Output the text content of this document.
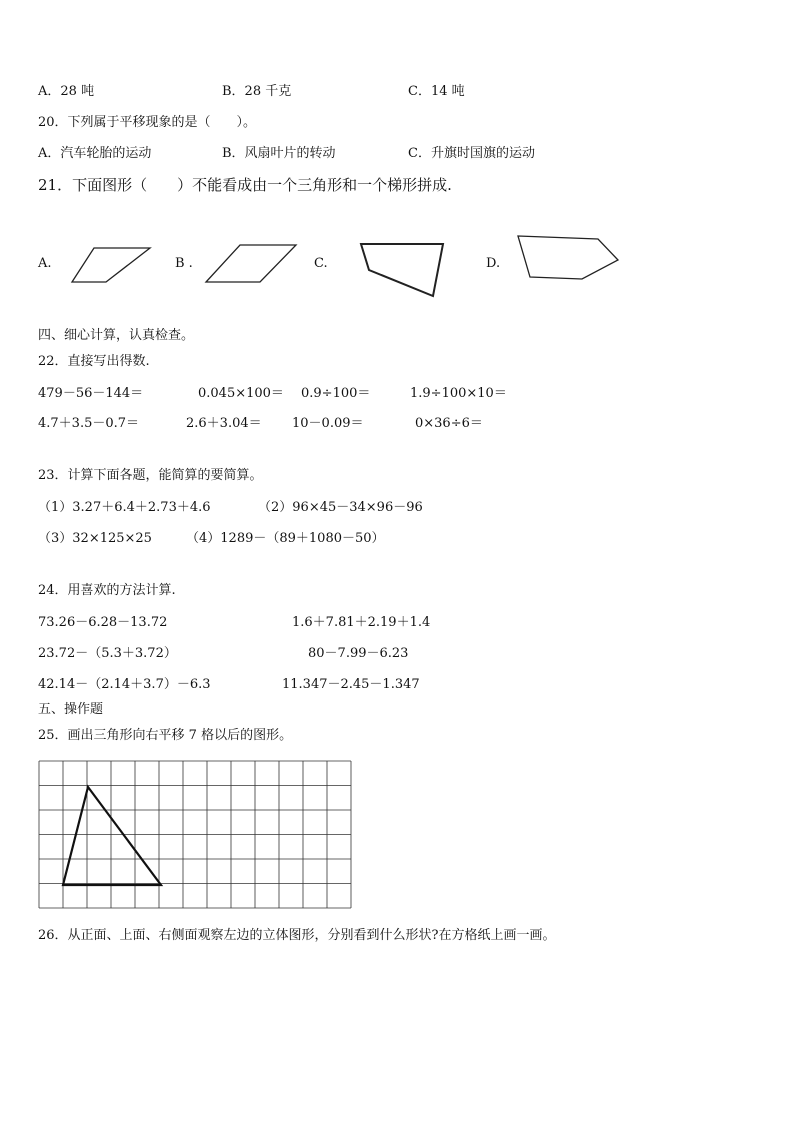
A．28 吨	B．28 千克	C．14 吨
20．下列属于平移现象的是（　　）。
A．汽车轮胎的运动	B．风扇叶片的转动	C．升旗时国旗的运动
21．下面图形（　　）不能看成由一个三角形和一个梯形拼成.
A.	B .	C.	D.
四、细心计算，认真检查。
22．直接写出得数.
479－56－144＝	0.045×100＝ 0.9÷100＝	1.9÷100×10＝
4.7＋3.5－0.7＝	2.6＋3.04＝ 10－0.09＝	0×36÷6＝
23．计算下面各题，能简算的要简算。
（1）3.27＋6.4＋2.73＋4.6	（2）96×45－34×96－96
（3）32×125×25	（4）1289－（89＋1080－50）
24．用喜欢的方法计算.
73.26－6.28－13.72	1.6＋7.81＋2.19＋1.4
23.72－（5.3＋3.72）	80－7.99－6.23
42.14－（2.14＋3.7）－6.3	11.347－2.45－1.347
五、操作题
25．画出三角形向右平移 7 格以后的图形。
26．从正面、上面、右侧面观察左边的立体图形，分别看到什么形状?在方格纸上画一画。
